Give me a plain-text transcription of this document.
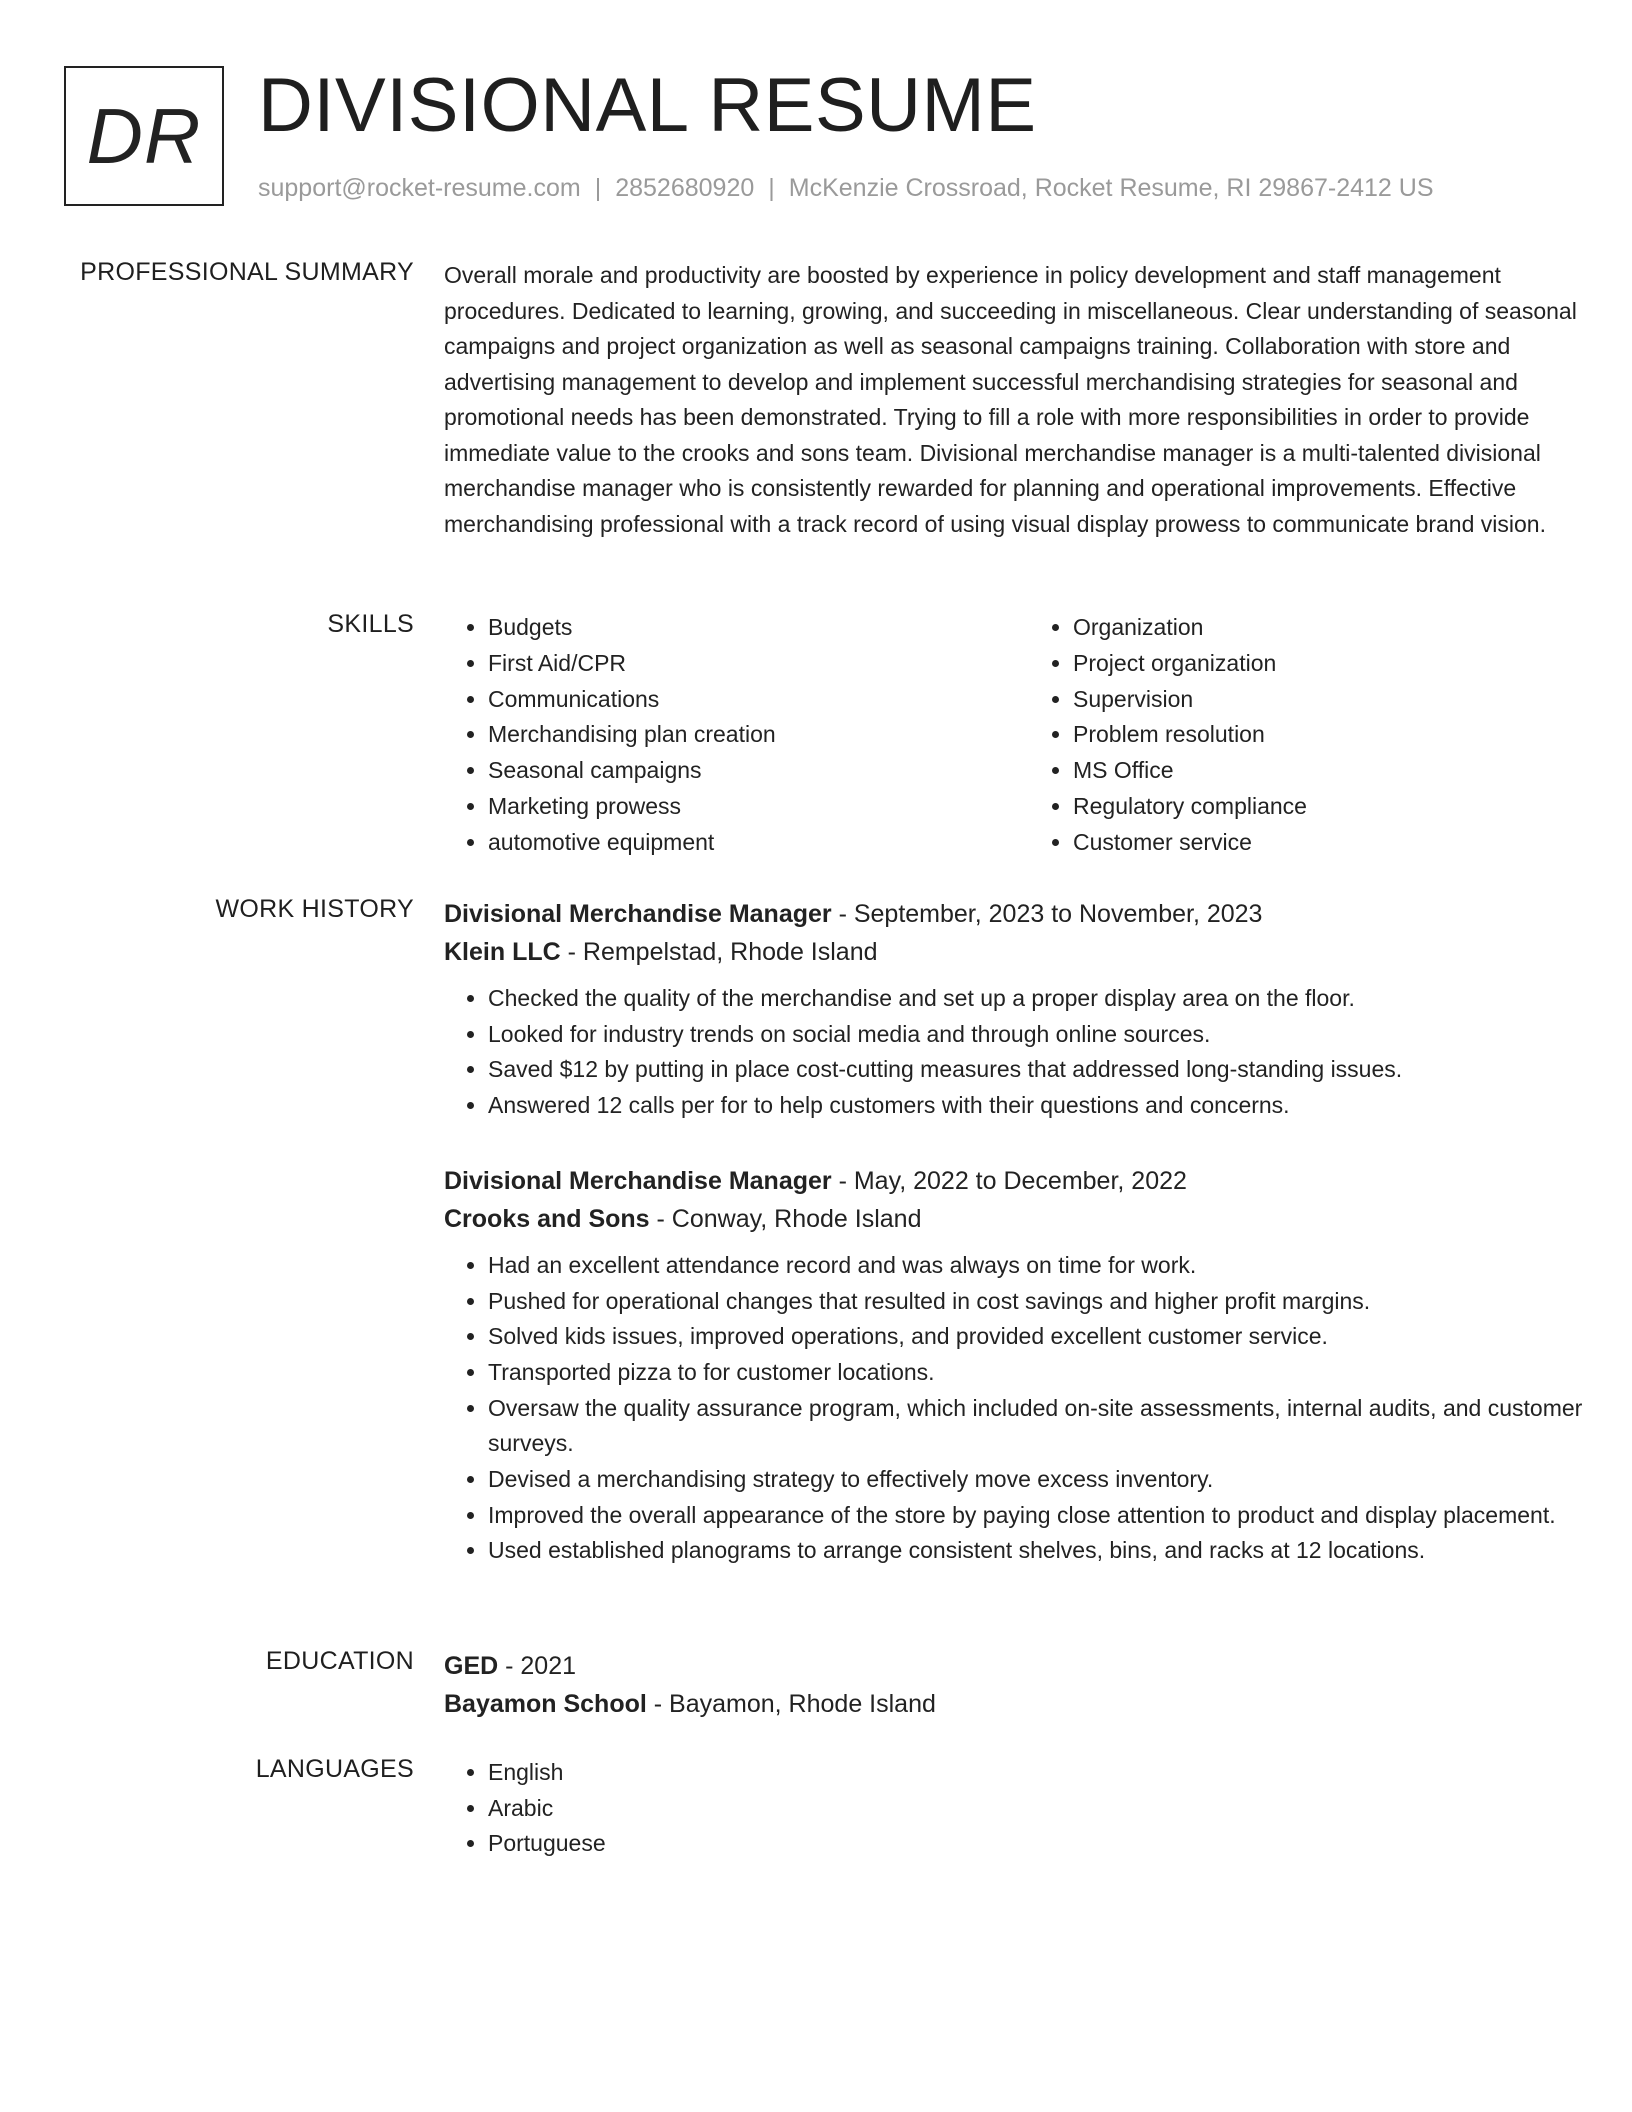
DR DIVISIONAL RESUME
support@rocket-resume.com | 2852680920 | McKenzie Crossroad, Rocket Resume, RI 29867-2412 US
PROFESSIONAL SUMMARY Overall morale and productivity are boosted by experience in policy development and staff management procedures. Dedicated to learning, growing, and succeeding in miscellaneous. Clear understanding of seasonal campaigns and project organization as well as seasonal campaigns training. Collaboration with store and advertising management to develop and implement successful merchandising strategies for seasonal and promotional needs has been demonstrated. Trying to fill a role with more responsibilities in order to provide immediate value to the crooks and sons team. Divisional merchandise manager is a multi-talented divisional merchandise manager who is consistently rewarded for planning and operational improvements. Effective merchandising professional with a track record of using visual display prowess to communicate brand vision.

SKILLS	• Budgets
• First Aid/CPR
• Communications
• Merchandising plan creation
• Seasonal campaigns
• Marketing prowess
• automotive equipment
• Organization
• Project organization
• Supervision
• Problem resolution
• MS Office
• Regulatory compliance
• Customer service
WORK HISTORY Divisional Merchandise Manager - September, 2023 to November, 2023
Klein LLC - Rempelstad, Rhode Island
• Checked the quality of the merchandise and set up a proper display area on the floor.
• Looked for industry trends on social media and through online sources.
• Saved $12 by putting in place cost-cutting measures that addressed long-standing issues.
• Answered 12 calls per for to help customers with their questions and concerns.
Divisional Merchandise Manager - May, 2022 to December, 2022
Crooks and Sons - Conway, Rhode Island
• Had an excellent attendance record and was always on time for work.
• Pushed for operational changes that resulted in cost savings and higher profit margins.
• Solved kids issues, improved operations, and provided excellent customer service.
• Transported pizza to for customer locations.
• Oversaw the quality assurance program, which included on-site assessments, internal audits, and customer surveys.
• Devised a merchandising strategy to effectively move excess inventory.
• Improved the overall appearance of the store by paying close attention to product and display placement.
• Used established planograms to arrange consistent shelves, bins, and racks at 12 locations.
EDUCATION GED - 2021
Bayamon School - Bayamon, Rhode Island
LANGUAGES	• English
• Arabic
• Portuguese
